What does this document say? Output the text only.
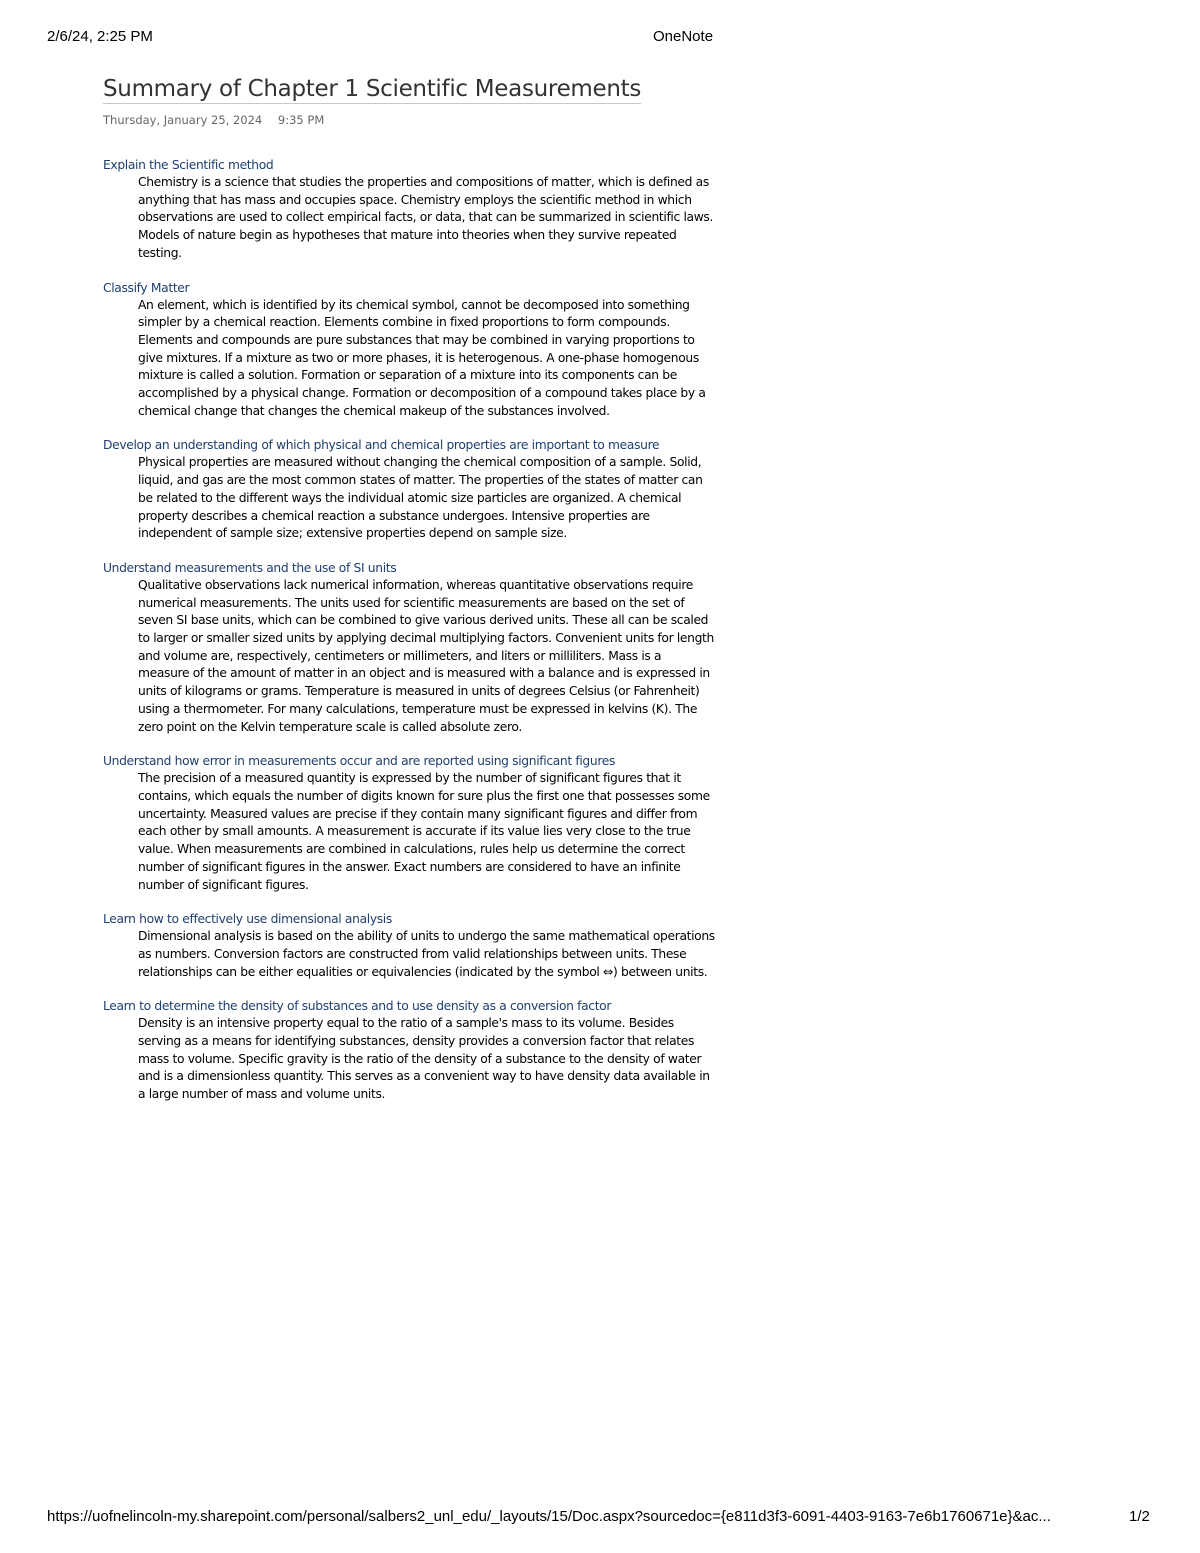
2/6/24, 2:25 PM	OneNote
Summary of Chapter 1 Scientific Measurements
Thursday, January 25, 2024 9:35 PM
Explain the Scientific method
Chemistry is a science that studies the properties and compositions of matter, which is defined as anything that has mass and occupies space. Chemistry employs the scientific method in which observations are used to collect empirical facts, or data, that can be summarized in scientific laws. Models of nature begin as hypotheses that mature into theories when they survive repeated testing.
Classify Matter
An element, which is identified by its chemical symbol, cannot be decomposed into something simpler by a chemical reaction. Elements combine in fixed proportions to form compounds. Elements and compounds are pure substances that may be combined in varying proportions to give mixtures. If a mixture as two or more phases, it is heterogenous. A one-phase homogenous mixture is called a solution. Formation or separation of a mixture into its components can be accomplished by a physical change. Formation or decomposition of a compound takes place by a chemical change that changes the chemical makeup of the substances involved.
Develop an understanding of which physical and chemical properties are important to measure
Physical properties are measured without changing the chemical composition of a sample. Solid, liquid, and gas are the most common states of matter. The properties of the states of matter can be related to the different ways the individual atomic size particles are organized. A chemical property describes a chemical reaction a substance undergoes. Intensive properties are independent of sample size; extensive properties depend on sample size.
Understand measurements and the use of SI units
Qualitative observations lack numerical information, whereas quantitative observations require numerical measurements. The units used for scientific measurements are based on the set of seven SI base units, which can be combined to give various derived units. These all can be scaled to larger or smaller sized units by applying decimal multiplying factors. Convenient units for length and volume are, respectively, centimeters or millimeters, and liters or milliliters. Mass is a measure of the amount of matter in an object and is measured with a balance and is expressed in units of kilograms or grams. Temperature is measured in units of degrees Celsius (or Fahrenheit) using a thermometer. For many calculations, temperature must be expressed in kelvins (K). The zero point on the Kelvin temperature scale is called absolute zero.
Understand how error in measurements occur and are reported using significant figures
The precision of a measured quantity is expressed by the number of significant figures that it contains, which equals the number of digits known for sure plus the first one that possesses some uncertainty. Measured values are precise if they contain many significant figures and differ from each other by small amounts. A measurement is accurate if its value lies very close to the true value. When measurements are combined in calculations, rules help us determine the correct number of significant figures in the answer. Exact numbers are considered to have an infinite number of significant figures.
Learn how to effectively use dimensional analysis
Dimensional analysis is based on the ability of units to undergo the same mathematical operations as numbers. Conversion factors are constructed from valid relationships between units. These relationships can be either equalities or equivalencies (indicated by the symbol ⇔) between units.
Learn to determine the density of substances and to use density as a conversion factor
Density is an intensive property equal to the ratio of a sample's mass to its volume. Besides serving as a means for identifying substances, density provides a conversion factor that relates mass to volume. Specific gravity is the ratio of the density of a substance to the density of water and is a dimensionless quantity. This serves as a convenient way to have density data available in a large number of mass and volume units.
https://uofnelincoln-my.sharepoint.com/personal/salbers2_unl_edu/_layouts/15/Doc.aspx?sourcedoc={e811d3f3-6091-4403-9163-7e6b1760671e}&ac...	1/2
